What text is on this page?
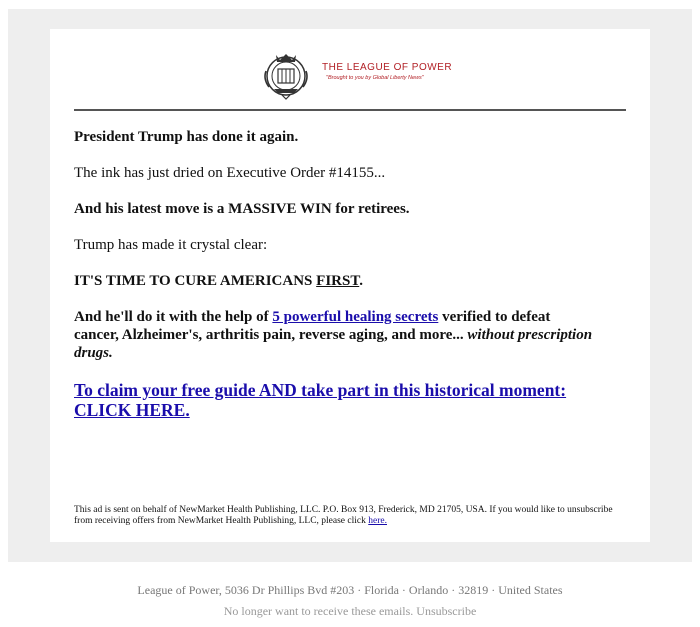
THE LEAGUE OF POWER
"Brought to you by Global Liberty News"

President Trump has done it again.

The ink has just dried on Executive Order #14155...

And his latest move is a MASSIVE WIN for retirees.

Trump has made it crystal clear:

IT'S TIME TO CURE AMERICANS FIRST.

And he'll do it with the help of 5 powerful healing secrets verified to defeat cancer, Alzheimer's, arthritis pain, reverse aging, and more... without prescription drugs.

To claim your free guide AND take part in this historical moment:
CLICK HERE.
This ad is sent on behalf of NewMarket Health Publishing, LLC. P.O. Box 913, Frederick, MD 21705, USA. If you would like to unsubscribe from receiving offers from NewMarket Health Publishing, LLC, please click here.
League of Power, 5036 Dr Phillips Bvd #203 · Florida · Orlando · 32819 · United States
No longer want to receive these emails. Unsubscribe
